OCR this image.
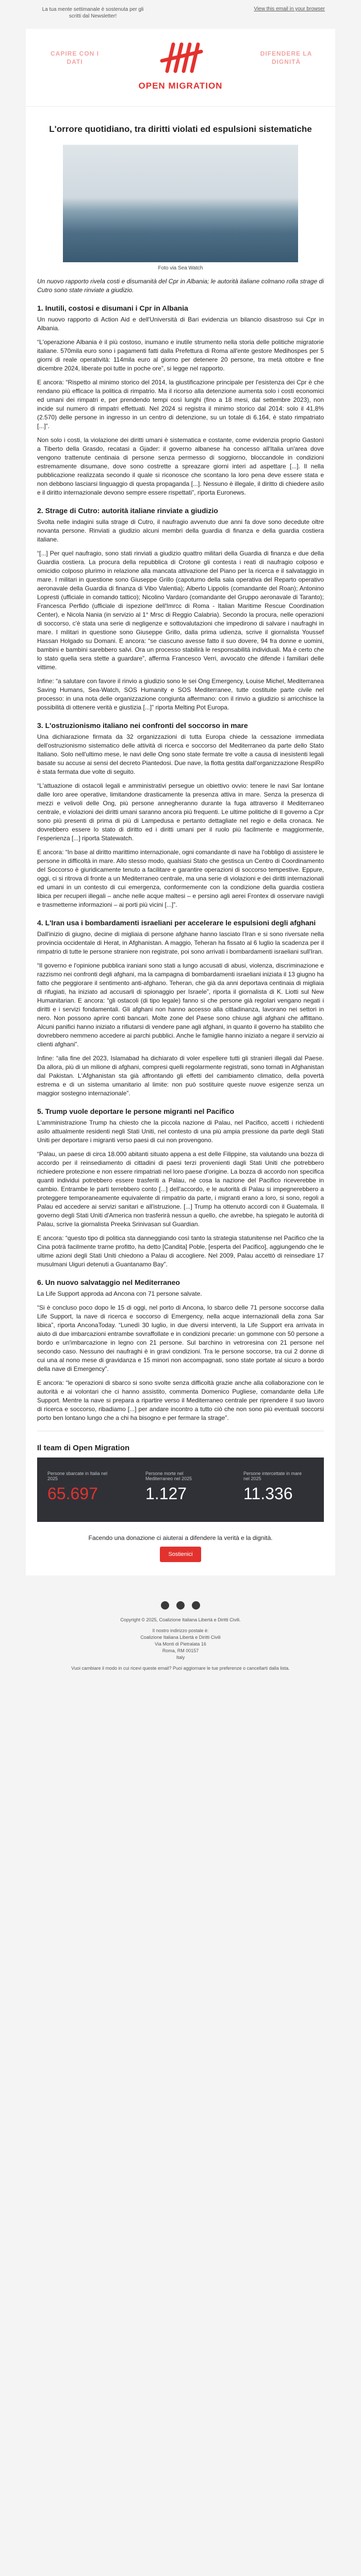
La tua mente settimanale è sostenuta per gli scritti dal Newsletter!
View this email in your browser
CAPIRE CON I DATI
OPEN MIGRATION
DIFENDERE LA DIGNITÀ
L'orrore quotidiano, tra diritti violati ed espulsioni sistematiche
Foto via Sea Watch

Un nuovo rapporto rivela costi e disumanità del Cpr in Albania; le autorità italiane colmano rolla strage di Cutro sono state rinviate a giudizio.

1. Inutili, costosi e disumani i Cpr in Albania

Un nuovo rapporto di Action Aid e dell'Università di Bari evidenzia un bilancio disastroso sui Cpr in Albania.

“L'operazione Albania è il più costoso, inumano e inutile strumento nella storia delle politiche migratorie italiane. 570mila euro sono i pagamenti fatti dalla Prefettura di Roma all'ente gestore Medihospes per 5 giorni di reale operatività: 114mila euro al giorno per detenere 20 persone, tra metà ottobre e fine dicembre 2024, liberate poi tutte in poche ore”, si legge nel rapporto.

E ancora: “Rispetto al minimo storico del 2014, la giustificazione principale per l'esistenza dei Cpr è che rendano più efficace la politica di rimpatrio. Ma il ricorso alla detenzione aumenta solo i costi economici ed umani dei rimpatri e, per prendendo tempi così lunghi (fino a 18 mesi, dal settembre 2023), non incide sul numero di rimpatri effettuati. Nel 2024 si registra il minimo storico dal 2014: solo il 41,8% (2.570) delle persone in ingresso in un centro di detenzione, su un totale di 6.164, è stato rimpatriato [...]”.

Non solo i costi, la violazione dei diritti umani è sistematica e costante, come evidenzia proprio Gastonì a Tiberto della Grasdo, recatasi a Gjader: il governo albanese ha concesso all'Italia un'area dove vengono trattenute centinaia di persone senza permesso di soggiorno, bloccandole in condizioni estremamente disumane, dove sono costrette a spreazare giorni interi ad aspettare [...]. Il nella pubblicazione realizzata secondo il quale si riconosce che scontano la loro pena deve essere stata e non debbono lasciarsi linguaggio di questa propaganda [...]. Nessuno è illegale, il diritto di chiedere asilo e il diritto internazionale devono sempre essere rispettati”, riporta Euronews.

2. Strage di Cutro: autorità italiane rinviate a giudizio

Svolta nelle indagini sulla strage di Cutro, il naufragio avvenuto due anni fa dove sono decedute oltre novanta persone. Rinviati a giudizio alcuni membri della guardia di finanza e della guardia costiera italiane.

“[...] Per quel naufragio, sono stati rinviati a giudizio quattro militari della Guardia di finanza e due della Guardia costiera. La procura della repubblica di Crotone gli contesta i reati di naufragio colposo e omicidio colposo plurimo in relazione alla mancata attivazione del Piano per la ricerca e il salvataggio in mare. I militari in questione sono Giuseppe Grillo (capoturno della sala operativa del Reparto operativo aeronavale della Guardia di finanza di Vibo Valentia); Alberto Lippolis (comandante del Roan); Antonino Lopresti (ufficiale in comando tattico); Nicolino Vardaro (comandante del Gruppo aeronavale di Taranto); Francesca Perfido (ufficiale di ispezione dell'Imrcc di Roma - Italian Maritime Rescue Coordination Center), e Nicola Nania (in servizio al 1° Mrsc di Reggio Calabria). Secondo la procura, nelle operazioni di soccorso, c'è stata una serie di negligenze e sottovalutazioni che impedirono di salvare i naufraghi in mare. I militari in questione sono Giuseppe Grillo, dalla prima udienza, scrive il giornalista Youssef Hassan Holgado su Domani. E ancora: “se ciascuno avesse fatto il suo dovere, 94 fra donne e uomini, bambini e bambini sarebbero salvi. Ora un processo stabilirà le responsabilità individuali. Ma è certo che lo stato quella sera stette a guardare”, afferma Francesco Verri, avvocato che difende i familiari delle vittime.

Infine: “a salutare con favore il rinvio a giudizio sono le sei Ong Emergency, Louise Michel, Mediterranea Saving Humans, Sea-Watch, SOS Humanity e SOS Mediterranee, tutte costituite parte civile nel processo: in una nota delle organizzazione congiunta affermano: con il rinvio a giudizio si arricchisce la possibilità di ottenere verità e giustizia [...]” riporta Melting Pot Europa.

3. L'ostruzionismo italiano nei confronti del soccorso in mare

Una dichiarazione firmata da 32 organizzazioni di tutta Europa chiede la cessazione immediata dell'ostruzionismo sistematico delle attività di ricerca e soccorso del Mediterraneo da parte dello Stato Italiano. Solo nell'ultimo mese, le navi delle Ong sono state fermate tre volte a causa di inesistenti legali basate su accuse ai sensi del decreto Piantedosi. Due nave, la flotta gestita dall'organizzazione RespiRo è stata fermata due volte di seguito.

“L'attuazione di ostacoli legali e amministrativi persegue un obiettivo ovvio: tenere le navi Sar lontane dalle loro aree operative, limitandone drasticamente la presenza attiva in mare. Senza la presenza di mezzi e velivoli delle Ong, più persone annegheranno durante la fuga attraverso il Mediterraneo centrale, e violazioni dei diritti umani saranno ancora più frequenti. Le ultime politiche di Il governo a Cpr sono più presenti di prima di più di Lampedusa e pertanto dettagliate nel regio e della cronaca. Ne dovrebbero essere lo stato di diritto ed i diritti umani per il ruolo più facilmente e maggiormente, l'esperienza [...] riporta Statewatch.

E ancora: “In base al diritto marittimo internazionale, ogni comandante di nave ha l'obbligo di assistere le persone in difficoltà in mare. Allo stesso modo, qualsiasi Stato che gestisca un Centro di Coordinamento del Soccorso è giuridicamente tenuto a facilitare e garantire operazioni di soccorso tempestive. Eppure, oggi, ci si ritrova di fronte a un Mediterraneo centrale, ma una serie di violazioni e dei diritti internazionali ed umani in un contesto di cui emergenza, conformemente con la condizione della guardia costiera libica per recuperi illegali – anche nelle acque maltesi – e persino agli aerei Frontex di osservare navigli e trasmetterne informazioni – ai porti più vicini [...]”.

4. L'Iran usa i bombardamenti israeliani per accelerare le espulsioni degli afghani

Dall'inizio di giugno, decine di migliaia di persone afghane hanno lasciato l'Iran e si sono riversate nella provincia occidentale di Herat, in Afghanistan. A maggio, Teheran ha fissato al 6 luglio la scadenza per il rimpatrio di tutte le persone straniere non registrate, poi sono arrivati i bombardamenti israeliani sull'Iran.

“Il governo e l'opinione pubblica iraniani sono stati a lungo accusati di abusi, violenza, discriminazione e razzismo nei confronti degli afghani, ma la campagna di bombardamenti israeliani iniziata il 13 giugno ha fatto che peggiorare il sentimento anti-afghano. Teheran, che già da anni deportava centinaia di migliaia di rifugiati, ha iniziato ad accusarli di spionaggio per Israele”, riporta il giornalista di K. Liotti sul New Humanitarian. E ancora: “gli ostacoli (di tipo legale) fanno sì che persone già regolari vengano negati i diritti e i servizi fondamentali. Gli afghani non hanno accesso alla cittadinanza, lavorano nei settori in nero. Non possono aprire conti bancari. Molte zone del Paese sono chiuse agli afghani che affittano. Alcuni panifici hanno iniziato a rifiutarsi di vendere pane agli afghani, in quanto il governo ha stabilito che dovrebbero nemmeno accedere ai parchi pubblici. Anche le famiglie hanno iniziato a negare il servizio ai clienti afghani”.

Infine: “alla fine del 2023, Islamabad ha dichiarato di voler espellere tutti gli stranieri illegali dal Paese. Da allora, più di un milione di afghani, compresi quelli regolarmente registrati, sono tornati in Afghanistan dal Pakistan. L'Afghanistan sta già affrontando gli effetti del cambiamento climatico, della povertà estrema e di un sistema umanitario al limite: non può sostituire queste nuove esigenze senza un maggior sostegno internazionale”.

5. Trump vuole deportare le persone migranti nel Pacifico

L'amministrazione Trump ha chiesto che la piccola nazione di Palau, nel Pacifico, accetti i richiedenti asilo attualmente residenti negli Stati Uniti, nel contesto di una più ampia pressione da parte degli Stati Uniti per deportare i migranti verso paesi di cui non provengono.

“Palau, un paese di circa 18.000 abitanti situato appena a est delle Filippine, sta valutando una bozza di accordo per il reinsediamento di cittadini di paesi terzi provenienti dagli Stati Uniti che potrebbero richiedere protezione e non essere rimpatriati nel loro paese d'origine. La bozza di accordo non specifica quanti individui potrebbero essere trasferiti a Palau, né cosa la nazione del Pacifico riceverebbe in cambio. Entrambe le parti terrebbero conto [...] dell'accordo, e le autorità di Palau si impegnerebbero a proteggere temporaneamente equivalente di rimpatrio da parte, i migranti erano a loro, si sono, regoli a Palau ed accedere ai servizi sanitari e all'istruzione. [...] Trump ha ottenuto accordi con il Guatemala. Il governo degli Stati Uniti d'America non trasferirà nessun a quello, che avrebbe, ha spiegato le autorità di Palau, scrive la giornalista Preeka Srinivasan sul Guardian.

E ancora: “questo tipo di politica sta danneggiando così tanto la strategia statunitense nel Pacifico che la Cina potrà facilmente trarne profitto, ha detto [Candita] Poble, [esperta del Pacifico], aggiungendo che le ultime azioni degli Stati Uniti chiedono a Palau di accogliere. Nel 2009, Palau accettò di reinsediare 17 musulmani Uiguri detenuti a Guantanamo Bay”.

6. Un nuovo salvataggio nel Mediterraneo

La Life Support approda ad Ancona con 71 persone salvate.

“Si è concluso poco dopo le 15 di oggi, nel porto di Ancona, lo sbarco delle 71 persone soccorse dalla Life Support, la nave di ricerca e soccorso di Emergency, nella acque internazionali della zona Sar libica”, riporta AnconaToday. “Lunedì 30 luglio, in due diversi interventi, la Life Support era arrivata in aiuto di due imbarcazioni entrambe sovraffollate e in condizioni precarie: un gommone con 50 persone a bordo e un'imbarcazione in legno con 21 persone. Sul barchino in vetroresina con 21 persone nel secondo caso. Nessuno dei naufraghi è in gravi condizioni. Tra le persone soccorse, tra cui 2 donne di cui una al nono mese di gravidanza e 15 minori non accompagnati, sono state portate al sicuro a bordo della nave di Emergency”.

E ancora: “le operazioni di sbarco si sono svolte senza difficoltà grazie anche alla collaborazione con le autorità e ai volontari che ci hanno assistito, commenta Domenico Pugliese, comandante della Life Support. Mentre la nave si prepara a ripartire verso il Mediterraneo centrale per riprendere il suo lavoro di ricerca e soccorso, ribadiamo [...] per andare incontro a tutto ciò che non sono più eventuali soccorsi porto ben lontano lungo che a chi ha bisogno e per fermare la strage”.

Il team di Open Migration
Persone sbarcate in Italia nel 2025
65.697
Persone morte nel Mediterraneo nel 2025
1.127
Persone intercettate in mare nel 2025
11.336
Facendo una donazione ci aiuterai a difendere la verità e la dignità.
Sostienici
Copyright © 2025, Coalizione Italiana Libertà e Diritti Civili.
Il nostro indirizzo postale è:
Coalizione Italiana Libertà e Diritti Civili
Via Monti di Pietralata 16
Roma, RM 00157
Italy
Vuoi cambiare il modo in cui ricevi queste email? Puoi aggiornare le tue preferenze o cancellarti dalla lista.
